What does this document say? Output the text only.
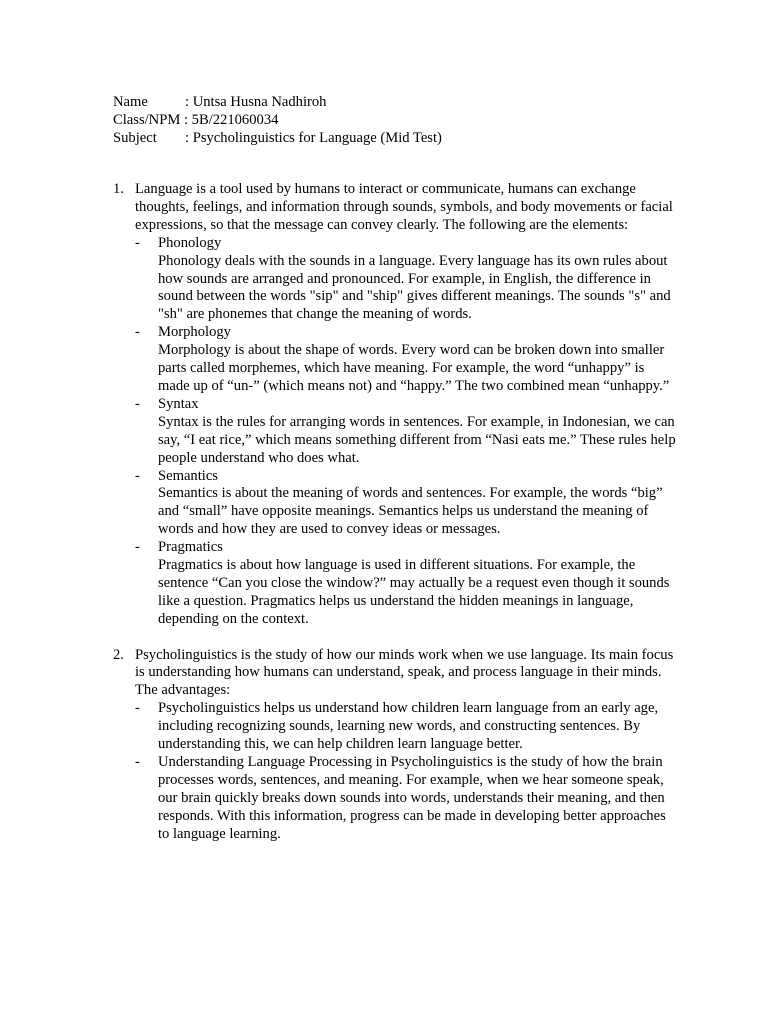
Name	: Untsa Husna Nadhiroh
Class/NPM : 5B/221060034
Subject	: Psycholinguistics for Language (Mid Test)
1. Language is a tool used by humans to interact or communicate, humans can exchange thoughts, feelings, and information through sounds, symbols, and body movements or facial expressions, so that the message can convey clearly. The following are the elements:

-	Phonology

Phonology deals with the sounds in a language. Every language has its own rules about how sounds are arranged and pronounced. For example, in English, the difference in sound between the words "sip" and "ship" gives different meanings. The sounds "s" and "sh" are phonemes that change the meaning of words.

-	Morphology

Morphology is about the shape of words. Every word can be broken down into smaller parts called morphemes, which have meaning. For example, the word “unhappy” is made up of “un-” (which means not) and “happy.” The two combined mean “unhappy.”

-	Syntax

Syntax is the rules for arranging words in sentences. For example, in Indonesian, we can say, “I eat rice,” which means something different from “Nasi eats me.” These rules help people understand who does what.

-	Semantics

Semantics is about the meaning of words and sentences. For example, the words “big” and “small” have opposite meanings. Semantics helps us understand the meaning of words and how they are used to convey ideas or messages.

-	Pragmatics

Pragmatics is about how language is used in different situations. For example, the sentence “Can you close the window?” may actually be a request even though it sounds like a question. Pragmatics helps us understand the hidden meanings in language, depending on the context.

2. Psycholinguistics is the study of how our minds work when we use language. Its main focus is understanding how humans can understand, speak, and process language in their minds. The advantages:

-	Psycholinguistics helps us understand how children learn language from an early age, including recognizing sounds, learning new words, and constructing sentences. By understanding this, we can help children learn language better.

-	Understanding Language Processing in Psycholinguistics is the study of how the brain processes words, sentences, and meaning. For example, when we hear someone speak, our brain quickly breaks down sounds into words, understands their meaning, and then responds. With this information, progress can be made in developing better approaches to language learning.
